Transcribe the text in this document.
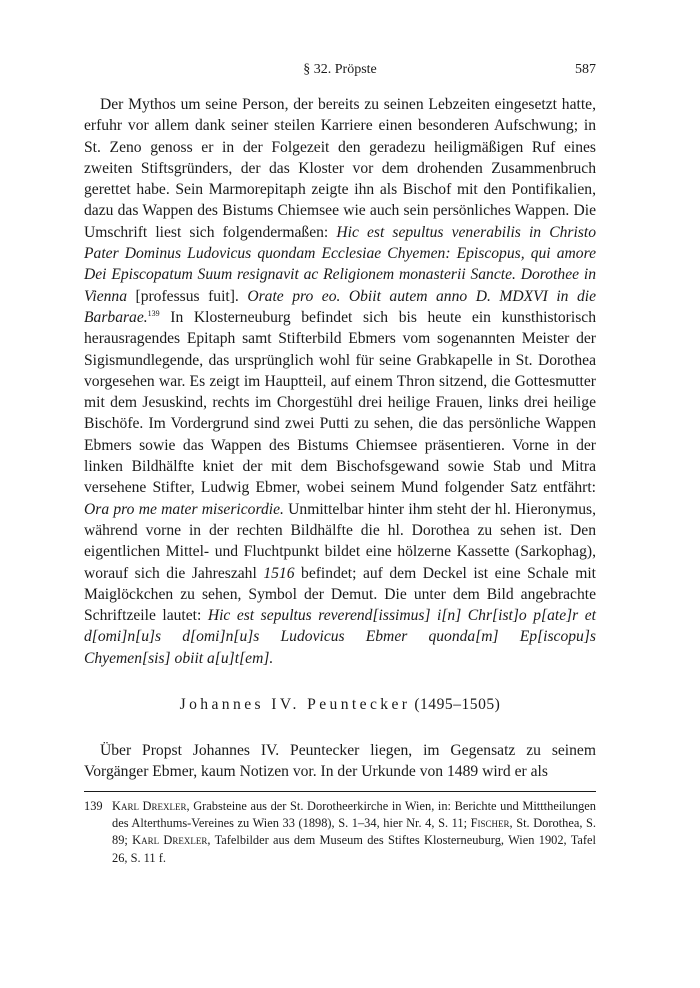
§ 32. Pröpste	587

Der Mythos um seine Person, der bereits zu seinen Lebzeiten eingesetzt hatte, erfuhr vor allem dank seiner steilen Karriere einen besonderen Aufschwung; in St. Zeno genoss er in der Folgezeit den geradezu heiligmäßigen Ruf eines zweiten Stiftsgründers, der das Kloster vor dem drohenden Zusammenbruch gerettet habe. Sein Marmorepitaph zeigte ihn als Bischof mit den Pontifikalien, dazu das Wappen des Bistums Chiemsee wie auch sein persönliches Wappen. Die Umschrift liest sich folgendermaßen: Hic est sepultus venerabilis in Christo Pater Dominus Ludovicus quondam Ecclesiae Chyemen: Episcopus, qui amore Dei Episcopatum Suum resignavit ac Religionem monasterii Sancte. Dorothee in Vienna [professus fuit]. Orate pro eo. Obiit autem anno D. MDXVI in die Barbarae.$^{139}$ In Klosterneuburg befindet sich bis heute ein kunsthistorisch herausragendes Epitaph samt Stifterbild Ebmers vom sogenannten Meister der Sigismundlegende, das ursprünglich wohl für seine Grabkapelle in St. Dorothea vorgesehen war. Es zeigt im Hauptteil, auf einem Thron sitzend, die Gottesmutter mit dem Jesuskind, rechts im Chorgestühl drei heilige Frauen, links drei heilige Bischöfe. Im Vordergrund sind zwei Putti zu sehen, die das persönliche Wappen Ebmers sowie das Wappen des Bistums Chiemsee präsentieren. Vorne in der linken Bildhälfte kniet der mit dem Bischofsgewand sowie Stab und Mitra versehene Stifter, Ludwig Ebmer, wobei seinem Mund folgender Satz entfährt: Ora pro me mater misericordie. Unmittelbar hinter ihm steht der hl. Hieronymus, während vorne in der rechten Bildhälfte die hl. Dorothea zu sehen ist. Den eigentlichen Mittel- und Fluchtpunkt bildet eine hölzerne Kassette (Sarkophag), worauf sich die Jahreszahl 1516 befindet; auf dem Deckel ist eine Schale mit Maiglöckchen zu sehen, Symbol der Demut. Die unter dem Bild angebrachte Schriftzeile lautet: Hic est sepultus reverend[issimus] i[n] Chr[ist]o p[ate]r et d[omi]n[u]s d[omi]n[u]s Ludovicus Ebmer quonda[m] Ep[iscopu]s Chyemen[sis] obiit a[u]t[em].

Johannes IV. Peuntecker (1495–1505)

Über Propst Johannes IV. Peuntecker liegen, im Gegensatz zu seinem Vorgänger Ebmer, kaum Notizen vor. In der Urkunde von 1489 wird er als

139 Karl Drexler, Grabsteine aus der St. Dorotheerkirche in Wien, in: Berichte und Mitttheilungen des Alterthums-Vereines zu Wien 33 (1898), S. 1–34, hier Nr. 4, S. 11; Fischer, St. Dorothea, S. 89; Karl Drexler, Tafelbilder aus dem Museum des Stiftes Klosterneuburg, Wien 1902, Tafel 26, S. 11 f.
